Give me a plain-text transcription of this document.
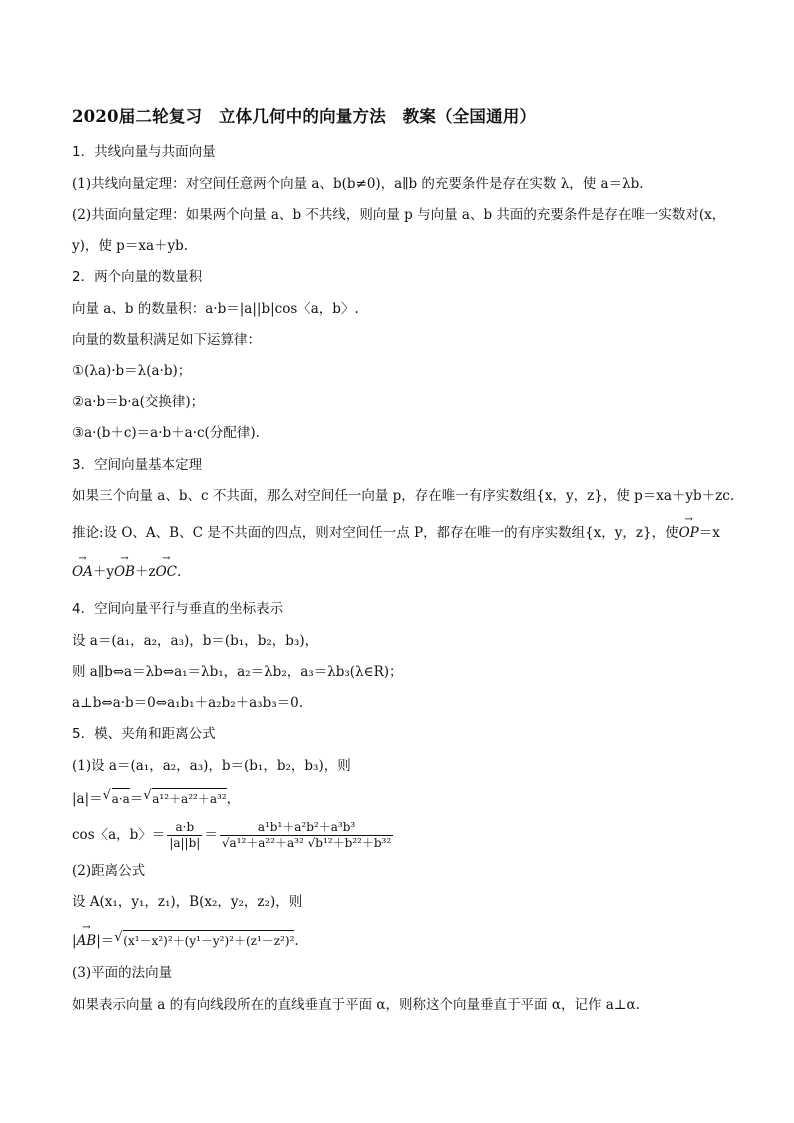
2020届二轮复习　立体几何中的向量方法　教案（全国通用）
1．共线向量与共面向量
(1)共线向量定理：对空间任意两个向量 a、b(b≠0)，a∥b 的充要条件是存在实数 λ，使 a＝λb.
(2)共面向量定理：如果两个向量 a、b 不共线，则向量 p 与向量 a、b 共面的充要条件是存在唯一实数对(x，
y)，使 p＝xa＋yb.
2．两个向量的数量积
向量 a、b 的数量积：a·b＝|a||b|cos〈a，b〉.
向量的数量积满足如下运算律：
①(λa)·b＝λ(a·b)；
②a·b＝b·a(交换律)；
③a·(b＋c)＝a·b＋a·c(分配律).
3．空间向量基本定理
如果三个向量 a、b、c 不共面，那么对空间任一向量 p，存在唯一有序实数组{x，y，z}，使 p＝xa＋yb＋zc.
推论:设 O、A、B、C 是不共面的四点，则对空间任一点 P，都存在唯一的有序实数组{x，y，z}，使→ OP＝x
→ OA＋y→ OB＋z→ OC.
4．空间向量平行与垂直的坐标表示
设 a＝(a₁，a₂，a₃)，b＝(b₁，b₂，b₃)，
则 a∥b⇔a＝λb⇔a₁＝λb₁，a₂＝λb₂，a₃＝λb₃(λ∈R)；
a⊥b⇔a·b＝0⇔a₁b₁＋a₂b₂＋a₃b₃＝0.
5．模、夹角和距离公式
(1)设 a＝(a₁，a₂，a₃)，b＝(b₁，b₂，b₃)，则
|a|＝ √ a·a＝ √ a¹²＋a²²＋a³²，
cos〈a，b〉＝ $\frac{a\cdot b}{|a||b|} = \frac{\text{a¹b¹＋a²b²＋a³b³}}{\text{√a¹²＋a²²＋a³² √b¹²＋b²²＋b³²}}$
(2)距离公式
设 A(x₁，y₁，z₁)，B(x₂，y₂，z₂)，则
|→ AB|＝ √ (x¹－x²)²＋(y¹－y²)²＋(z¹－z²)².
(3)平面的法向量
如果表示向量 a 的有向线段所在的直线垂直于平面 α，则称这个向量垂直于平面 α，记作 a⊥α.
